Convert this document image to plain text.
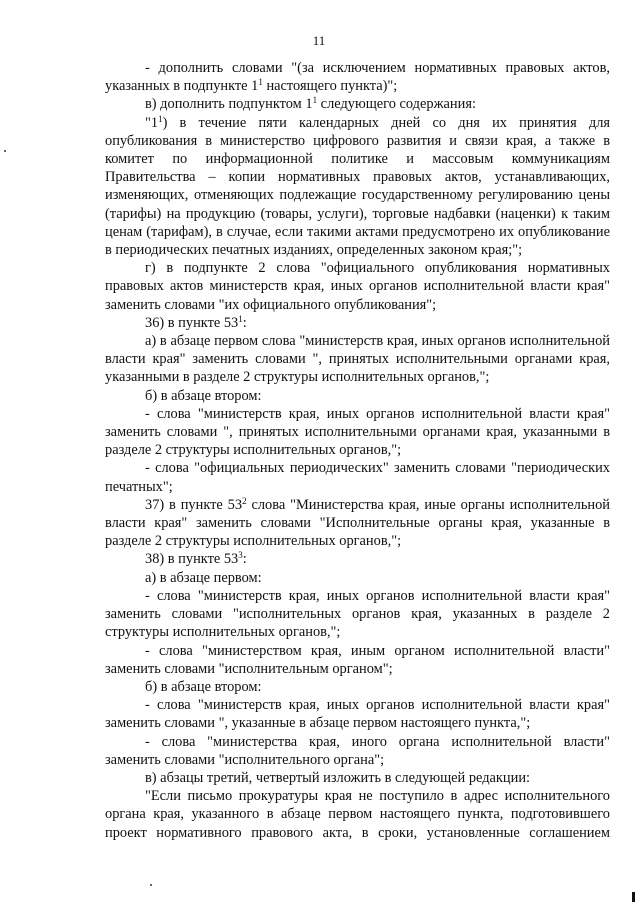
11

- дополнить словами "(за исключением нормативных правовых актов, указанных в подпункте $1^1$ настоящего пункта)";

в) дополнить подпунктом $1^1$ следующего содержания:

"$1^1$) в течение пяти календарных дней со дня их принятия для опубликования в министерство цифрового развития и связи края, а также в комитет по информационной политике и массовым коммуникациям Правительства – копии нормативных правовых актов, устанавливающих, изменяющих, отменяющих подлежащие государственному регулированию цены (тарифы) на продукцию (товары, услуги), торговые надбавки (наценки) к таким ценам (тарифам), в случае, если такими актами предусмотрено их опубликование в периодических печатных изданиях, определенных законом края;";

г) в подпункте 2 слова "официального опубликования нормативных правовых актов министерств края, иных органов исполнительной власти края" заменить словами "их официального опубликования";

36) в пункте $53^1$:

а) в абзаце первом слова "министерств края, иных органов исполнительной власти края" заменить словами ", принятых исполнительными органами края, указанными в разделе 2 структуры исполнительных органов,";

б) в абзаце втором:

- слова "министерств края, иных органов исполнительной власти края" заменить словами ", принятых исполнительными органами края, указанными в разделе 2 структуры исполнительных органов,";

- слова "официальных периодических" заменить словами "периодических печатных";

37) в пункте $53^2$ слова "Министерства края, иные органы исполнительной власти края" заменить словами "Исполнительные органы края, указанные в разделе 2 структуры исполнительных органов,";

38) в пункте $53^3$:

а) в абзаце первом:

- слова "министерств края, иных органов исполнительной власти края" заменить словами "исполнительных органов края, указанных в разделе 2 структуры исполнительных органов,";

- слова "министерством края, иным органом исполнительной власти" заменить словами "исполнительным органом";

б) в абзаце втором:

- слова "министерств края, иных органов исполнительной власти края" заменить словами ", указанные в абзаце первом настоящего пункта,";

- слова "министерства края, иного органа исполнительной власти" заменить словами "исполнительного органа";

в) абзацы третий, четвертый изложить в следующей редакции:

"Если письмо прокуратуры края не поступило в адрес исполнительного органа края, указанного в абзаце первом настоящего пункта, подготовившего проект нормативного правового акта, в сроки, установленные соглашением
